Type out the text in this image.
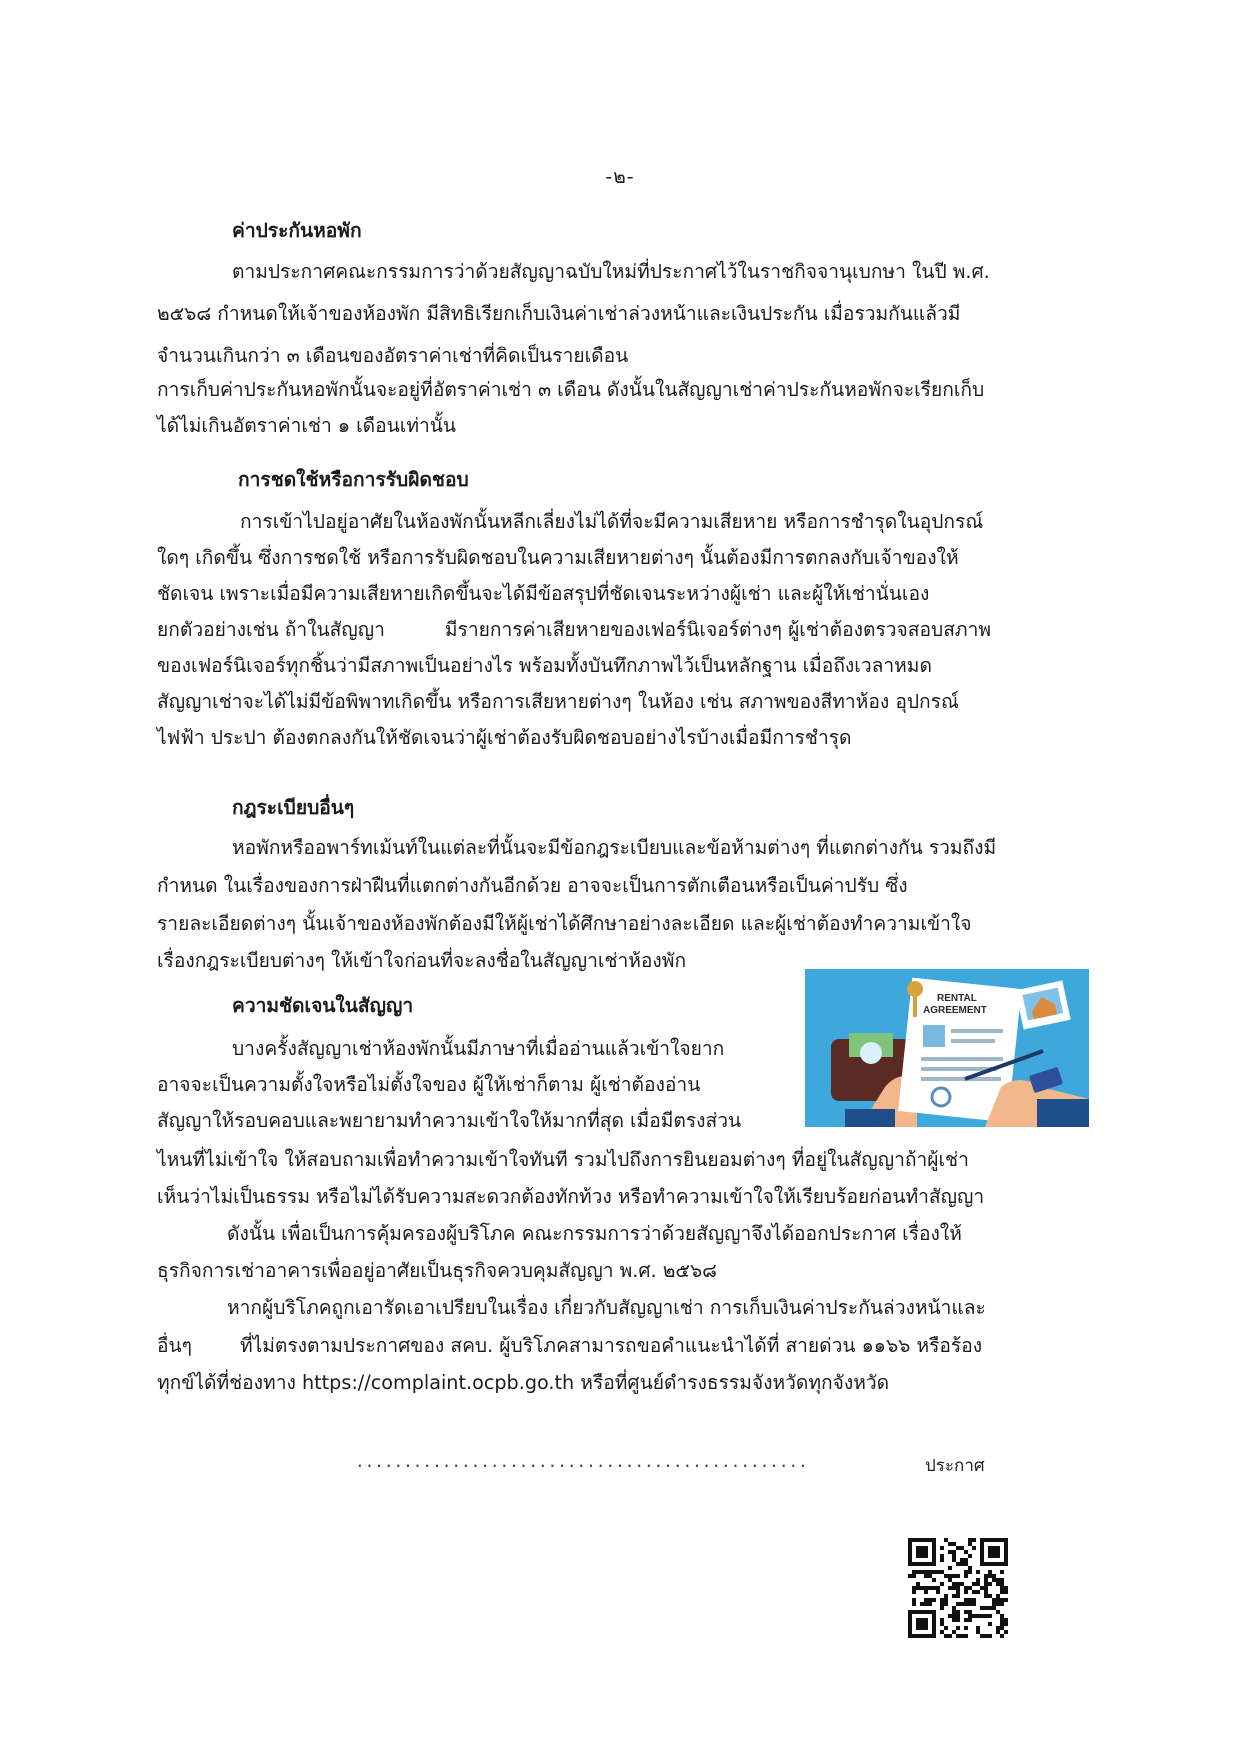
-๒-
ค่าประกันหอพัก
ตามประกาศคณะกรรมการว่าด้วยสัญญาฉบับใหม่ที่ประกาศไว้ในราชกิจจานุเบกษา ในปี พ.ศ.
๒๕๖๘ กำหนดให้เจ้าของห้องพัก มีสิทธิเรียกเก็บเงินค่าเช่าล่วงหน้าและเงินประกัน เมื่อรวมกันแล้วมี
จำนวนเกินกว่า ๓ เดือนของอัตราค่าเช่าที่คิดเป็นรายเดือน
การเก็บค่าประกันหอพักนั้นจะอยู่ที่อัตราค่าเช่า ๓ เดือน ดังนั้นในสัญญาเช่าค่าประกันหอพักจะเรียกเก็บ
ได้ไม่เกินอัตราค่าเช่า ๑ เดือนเท่านั้น
การชดใช้หรือการรับผิดชอบ
การเข้าไปอยู่อาศัยในห้องพักนั้นหลีกเลี่ยงไม่ได้ที่จะมีความเสียหาย หรือการชำรุดในอุปกรณ์
ใดๆ เกิดขึ้น ซึ่งการชดใช้ หรือการรับผิดชอบในความเสียหายต่างๆ นั้นต้องมีการตกลงกับเจ้าของให้
ชัดเจน เพราะเมื่อมีความเสียหายเกิดขึ้นจะได้มีข้อสรุปที่ชัดเจนระหว่างผู้เช่า และผู้ให้เช่านั่นเอง
ยกตัวอย่างเช่น ถ้าในสัญญา	มีรายการค่าเสียหายของเฟอร์นิเจอร์ต่างๆ ผู้เช่าต้องตรวจสอบสภาพ
ของเฟอร์นิเจอร์ทุกชิ้นว่ามีสภาพเป็นอย่างไร พร้อมทั้งบันทึกภาพไว้เป็นหลักฐาน เมื่อถึงเวลาหมด
สัญญาเช่าจะได้ไม่มีข้อพิพาทเกิดขึ้น หรือการเสียหายต่างๆ ในห้อง เช่น สภาพของสีทาห้อง อุปกรณ์
ไฟฟ้า ประปา ต้องตกลงกันให้ชัดเจนว่าผู้เช่าต้องรับผิดชอบอย่างไรบ้างเมื่อมีการชำรุด
กฎระเบียบอื่นๆ
หอพักหรืออพาร์ทเม้นท์ในแต่ละที่นั้นจะมีข้อกฎระเบียบและข้อห้ามต่างๆ ที่แตกต่างกัน รวมถึงมี
กำหนด ในเรื่องของการฝ่าฝืนที่แตกต่างกันอีกด้วย อาจจะเป็นการตักเตือนหรือเป็นค่าปรับ ซึ่ง
รายละเอียดต่างๆ นั้นเจ้าของห้องพักต้องมีให้ผู้เช่าได้ศึกษาอย่างละเอียด และผู้เช่าต้องทำความเข้าใจ
เรื่องกฎระเบียบต่างๆ ให้เข้าใจก่อนที่จะลงชื่อในสัญญาเช่าห้องพัก
ความชัดเจนในสัญญา
บางครั้งสัญญาเช่าห้องพักนั้นมีภาษาที่เมื่ออ่านแล้วเข้าใจยาก
อาจจะเป็นความตั้งใจหรือไม่ตั้งใจของ ผู้ให้เช่าก็ตาม ผู้เช่าต้องอ่าน
สัญญาให้รอบคอบและพยายามทำความเข้าใจให้มากที่สุด เมื่อมีตรงส่วน
ไหนที่ไม่เข้าใจ ให้สอบถามเพื่อทำความเข้าใจทันที รวมไปถึงการยินยอมต่างๆ ที่อยู่ในสัญญาถ้าผู้เช่า
เห็นว่าไม่เป็นธรรม หรือไม่ได้รับความสะดวกต้องทักท้วง หรือทำความเข้าใจให้เรียบร้อยก่อนทำสัญญา
ดังนั้น เพื่อเป็นการคุ้มครองผู้บริโภค คณะกรรมการว่าด้วยสัญญาจึงได้ออกประกาศ เรื่องให้
ธุรกิจการเช่าอาคารเพื่ออยู่อาศัยเป็นธุรกิจควบคุมสัญญา พ.ศ. ๒๕๖๘
หากผู้บริโภคถูกเอารัดเอาเปรียบในเรื่อง เกี่ยวกับสัญญาเช่า การเก็บเงินค่าประกันล่วงหน้าและ
อื่นๆ	ที่ไม่ตรงตามประกาศของ สคบ. ผู้บริโภคสามารถขอคำแนะนำได้ที่ สายด่วน ๑๑๖๖ หรือร้อง
ทุกข์ได้ที่ช่องทาง https://complaint.ocpb.go.th หรือที่ศูนย์ดำรงธรรมจังหวัดทุกจังหวัด
RENTAL
AGREEMENT
...............................................	ประกาศ
